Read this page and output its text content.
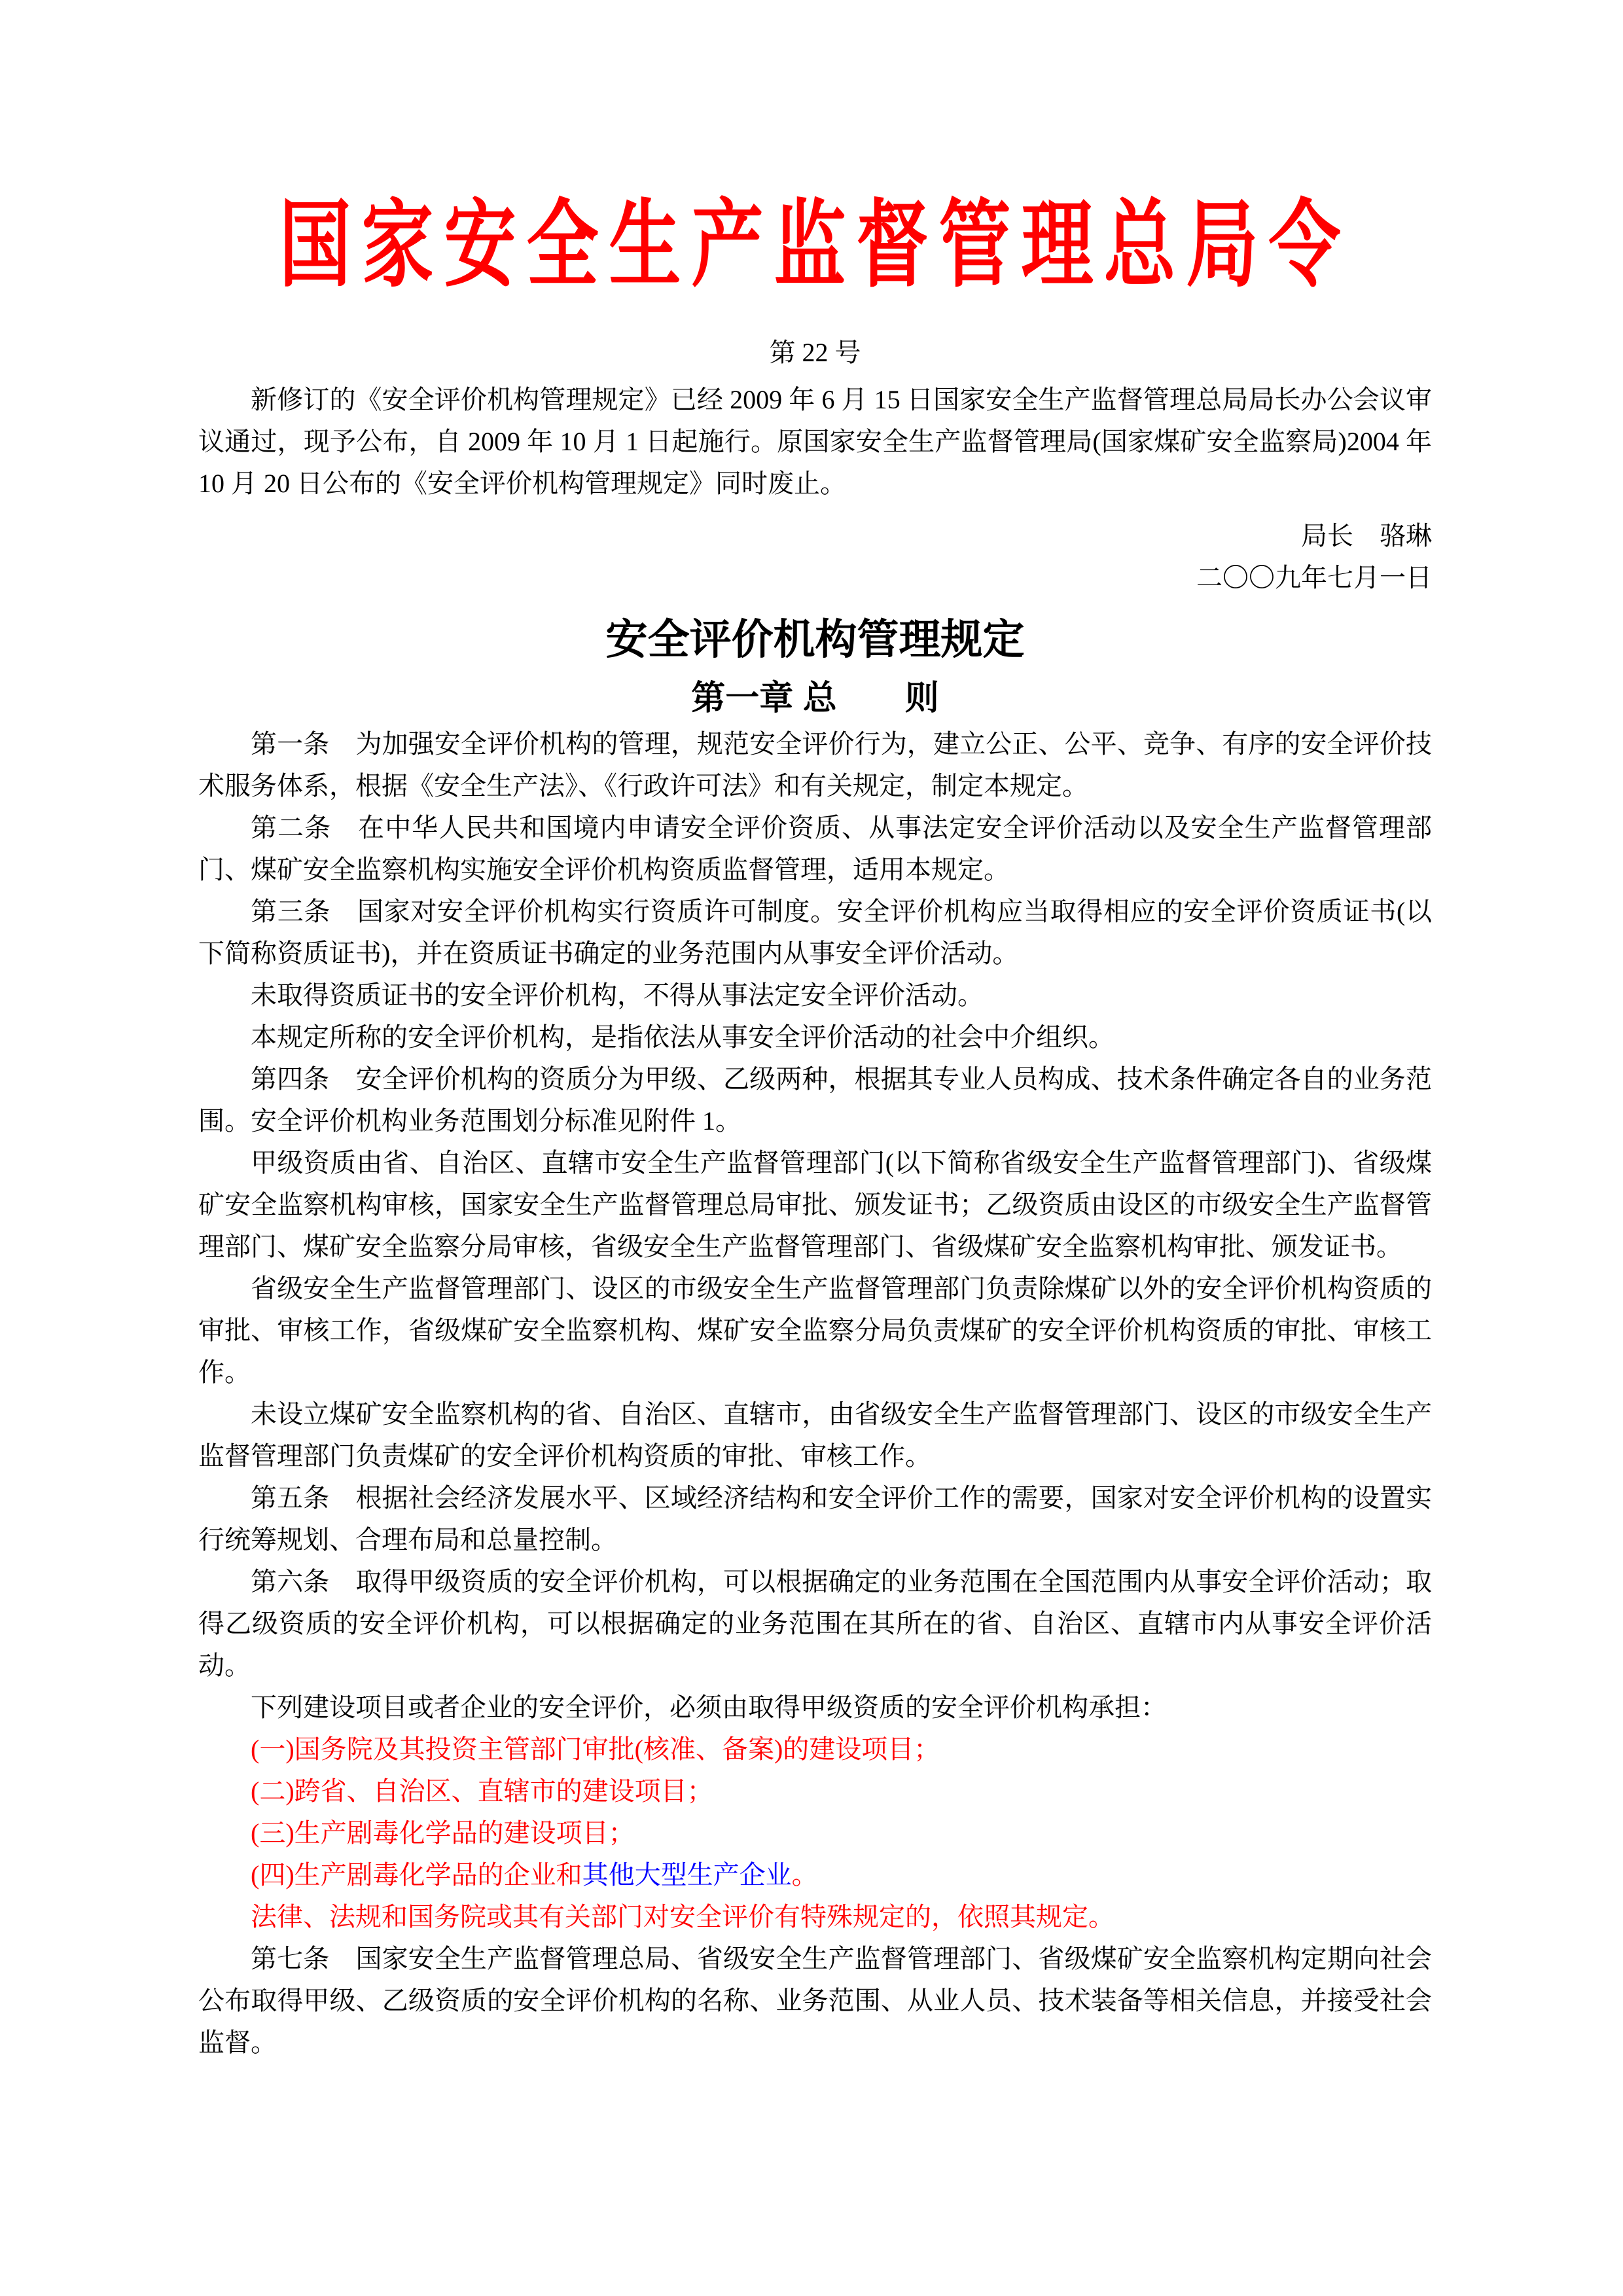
国家安全生产监督管理总局令
第 22 号

新修订的《安全评价机构管理规定》已经 2009 年 6 月 15 日国家安全生产监督管理总局局长办公会议审议通过，现予公布，自 2009 年 10 月 1 日起施行。原国家安全生产监督管理局(国家煤矿安全监察局)2004 年 10 月 20 日公布的《安全评价机构管理规定》同时废止。

局长　骆琳
二〇〇九年七月一日
安全评价机构管理规定
第一章 总　　则

第一条　为加强安全评价机构的管理，规范安全评价行为，建立公正、公平、竞争、有序的安全评价技术服务体系，根据《安全生产法》、《行政许可法》和有关规定，制定本规定。

第二条　在中华人民共和国境内申请安全评价资质、从事法定安全评价活动以及安全生产监督管理部门、煤矿安全监察机构实施安全评价机构资质监督管理，适用本规定。

第三条　国家对安全评价机构实行资质许可制度。安全评价机构应当取得相应的安全评价资质证书(以下简称资质证书)，并在资质证书确定的业务范围内从事安全评价活动。

未取得资质证书的安全评价机构，不得从事法定安全评价活动。

本规定所称的安全评价机构，是指依法从事安全评价活动的社会中介组织。

第四条　安全评价机构的资质分为甲级、乙级两种，根据其专业人员构成、技术条件确定各自的业务范围。安全评价机构业务范围划分标准见附件 1。

甲级资质由省、自治区、直辖市安全生产监督管理部门(以下简称省级安全生产监督管理部门)、省级煤矿安全监察机构审核，国家安全生产监督管理总局审批、颁发证书；乙级资质由设区的市级安全生产监督管理部门、煤矿安全监察分局审核，省级安全生产监督管理部门、省级煤矿安全监察机构审批、颁发证书。

省级安全生产监督管理部门、设区的市级安全生产监督管理部门负责除煤矿以外的安全评价机构资质的审批、审核工作，省级煤矿安全监察机构、煤矿安全监察分局负责煤矿的安全评价机构资质的审批、审核工作。

未设立煤矿安全监察机构的省、自治区、直辖市，由省级安全生产监督管理部门、设区的市级安全生产监督管理部门负责煤矿的安全评价机构资质的审批、审核工作。

第五条　根据社会经济发展水平、区域经济结构和安全评价工作的需要，国家对安全评价机构的设置实行统筹规划、合理布局和总量控制。

第六条　取得甲级资质的安全评价机构，可以根据确定的业务范围在全国范围内从事安全评价活动；取得乙级资质的安全评价机构，可以根据确定的业务范围在其所在的省、自治区、直辖市内从事安全评价活动。

下列建设项目或者企业的安全评价，必须由取得甲级资质的安全评价机构承担：

(一)国务院及其投资主管部门审批(核准、备案)的建设项目；

(二)跨省、自治区、直辖市的建设项目；

(三)生产剧毒化学品的建设项目；

(四)生产剧毒化学品的企业和其他大型生产企业。

法律、法规和国务院或其有关部门对安全评价有特殊规定的，依照其规定。

第七条　国家安全生产监督管理总局、省级安全生产监督管理部门、省级煤矿安全监察机构定期向社会公布取得甲级、乙级资质的安全评价机构的名称、业务范围、从业人员、技术装备等相关信息，并接受社会监督。
